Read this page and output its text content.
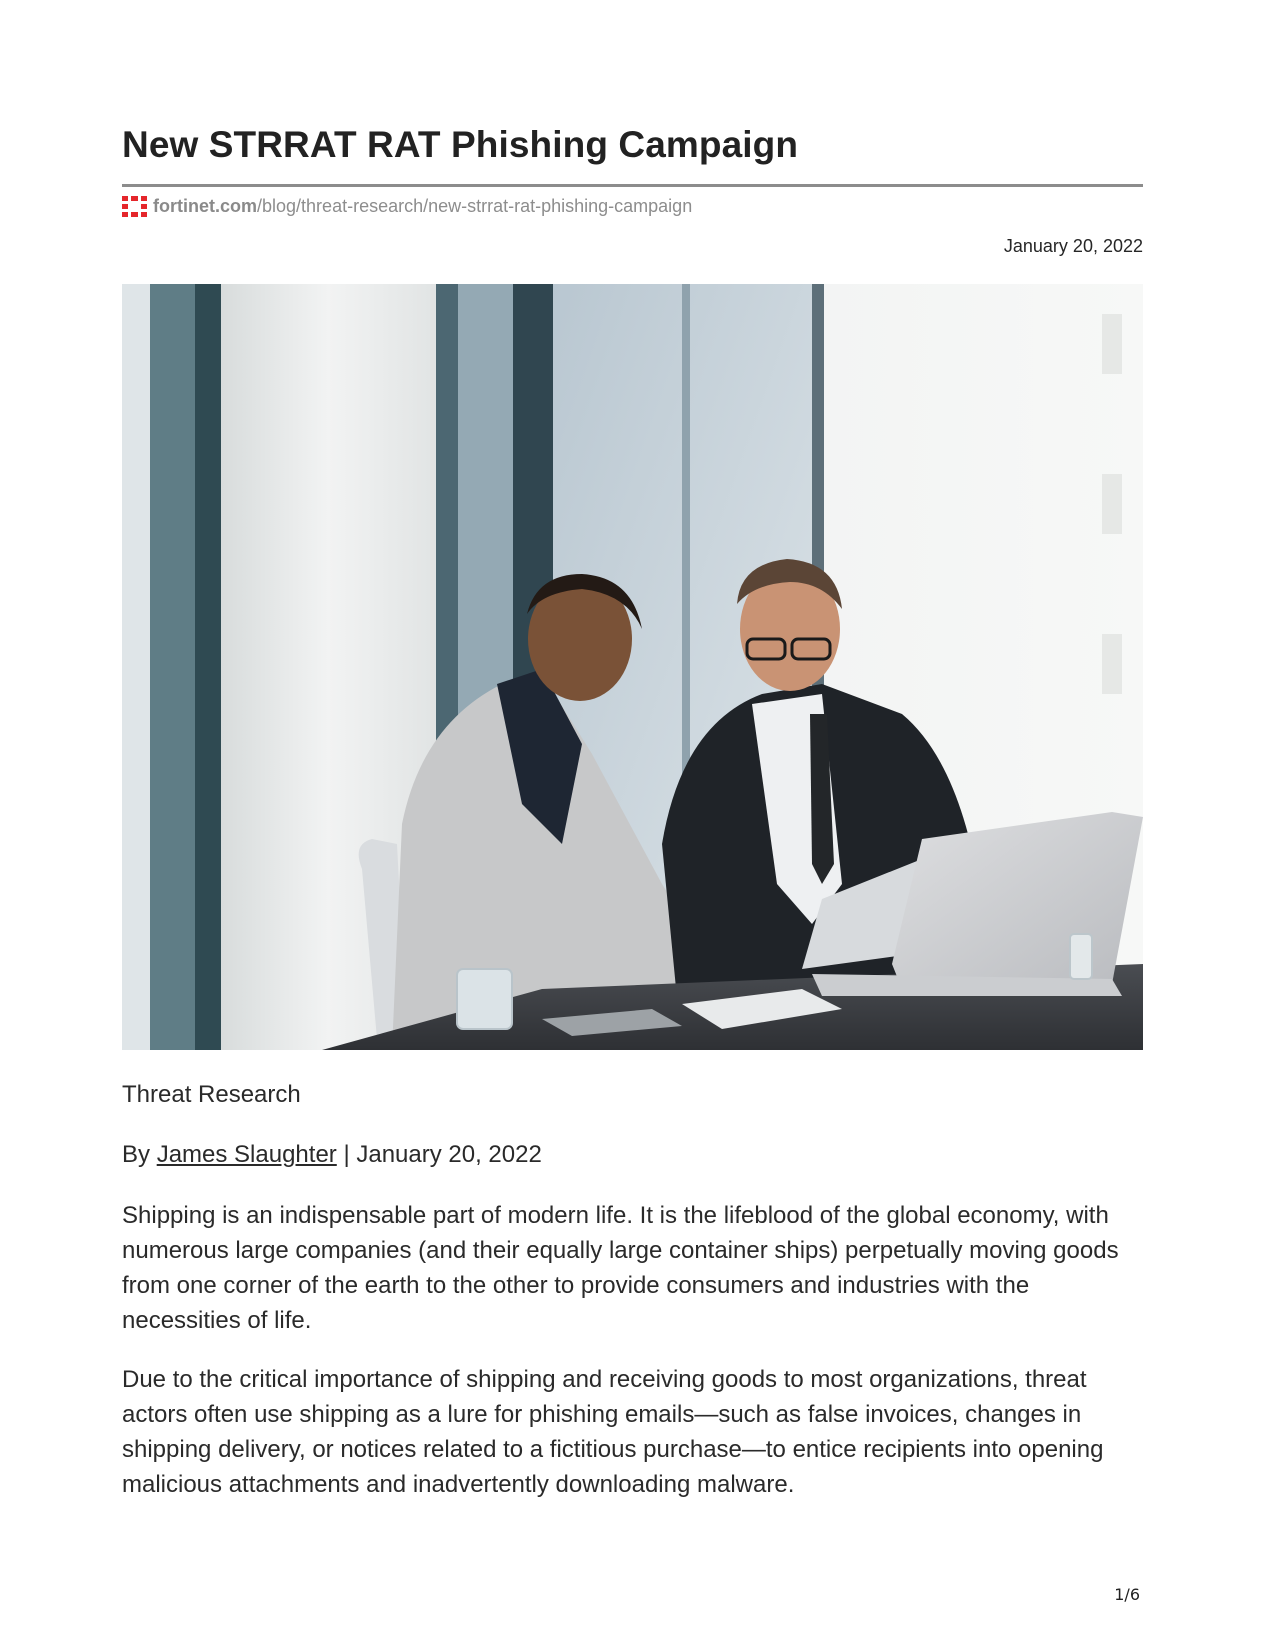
New STRRAT RAT Phishing Campaign
fortinet.com /blog/threat-research/new-strrat-rat-phishing-campaign
January 20, 2022
Threat Research
By James Slaughter | January 20, 2022

Shipping is an indispensable part of modern life. It is the lifeblood of the global economy, with numerous large companies (and their equally large container ships) perpetually moving goods from one corner of the earth to the other to provide consumers and industries with the necessities of life.

Due to the critical importance of shipping and receiving goods to most organizations, threat actors often use shipping as a lure for phishing emails—such as false invoices, changes in shipping delivery, or notices related to a fictitious purchase—to entice recipients into opening malicious attachments and inadvertently downloading malware.

1/6
